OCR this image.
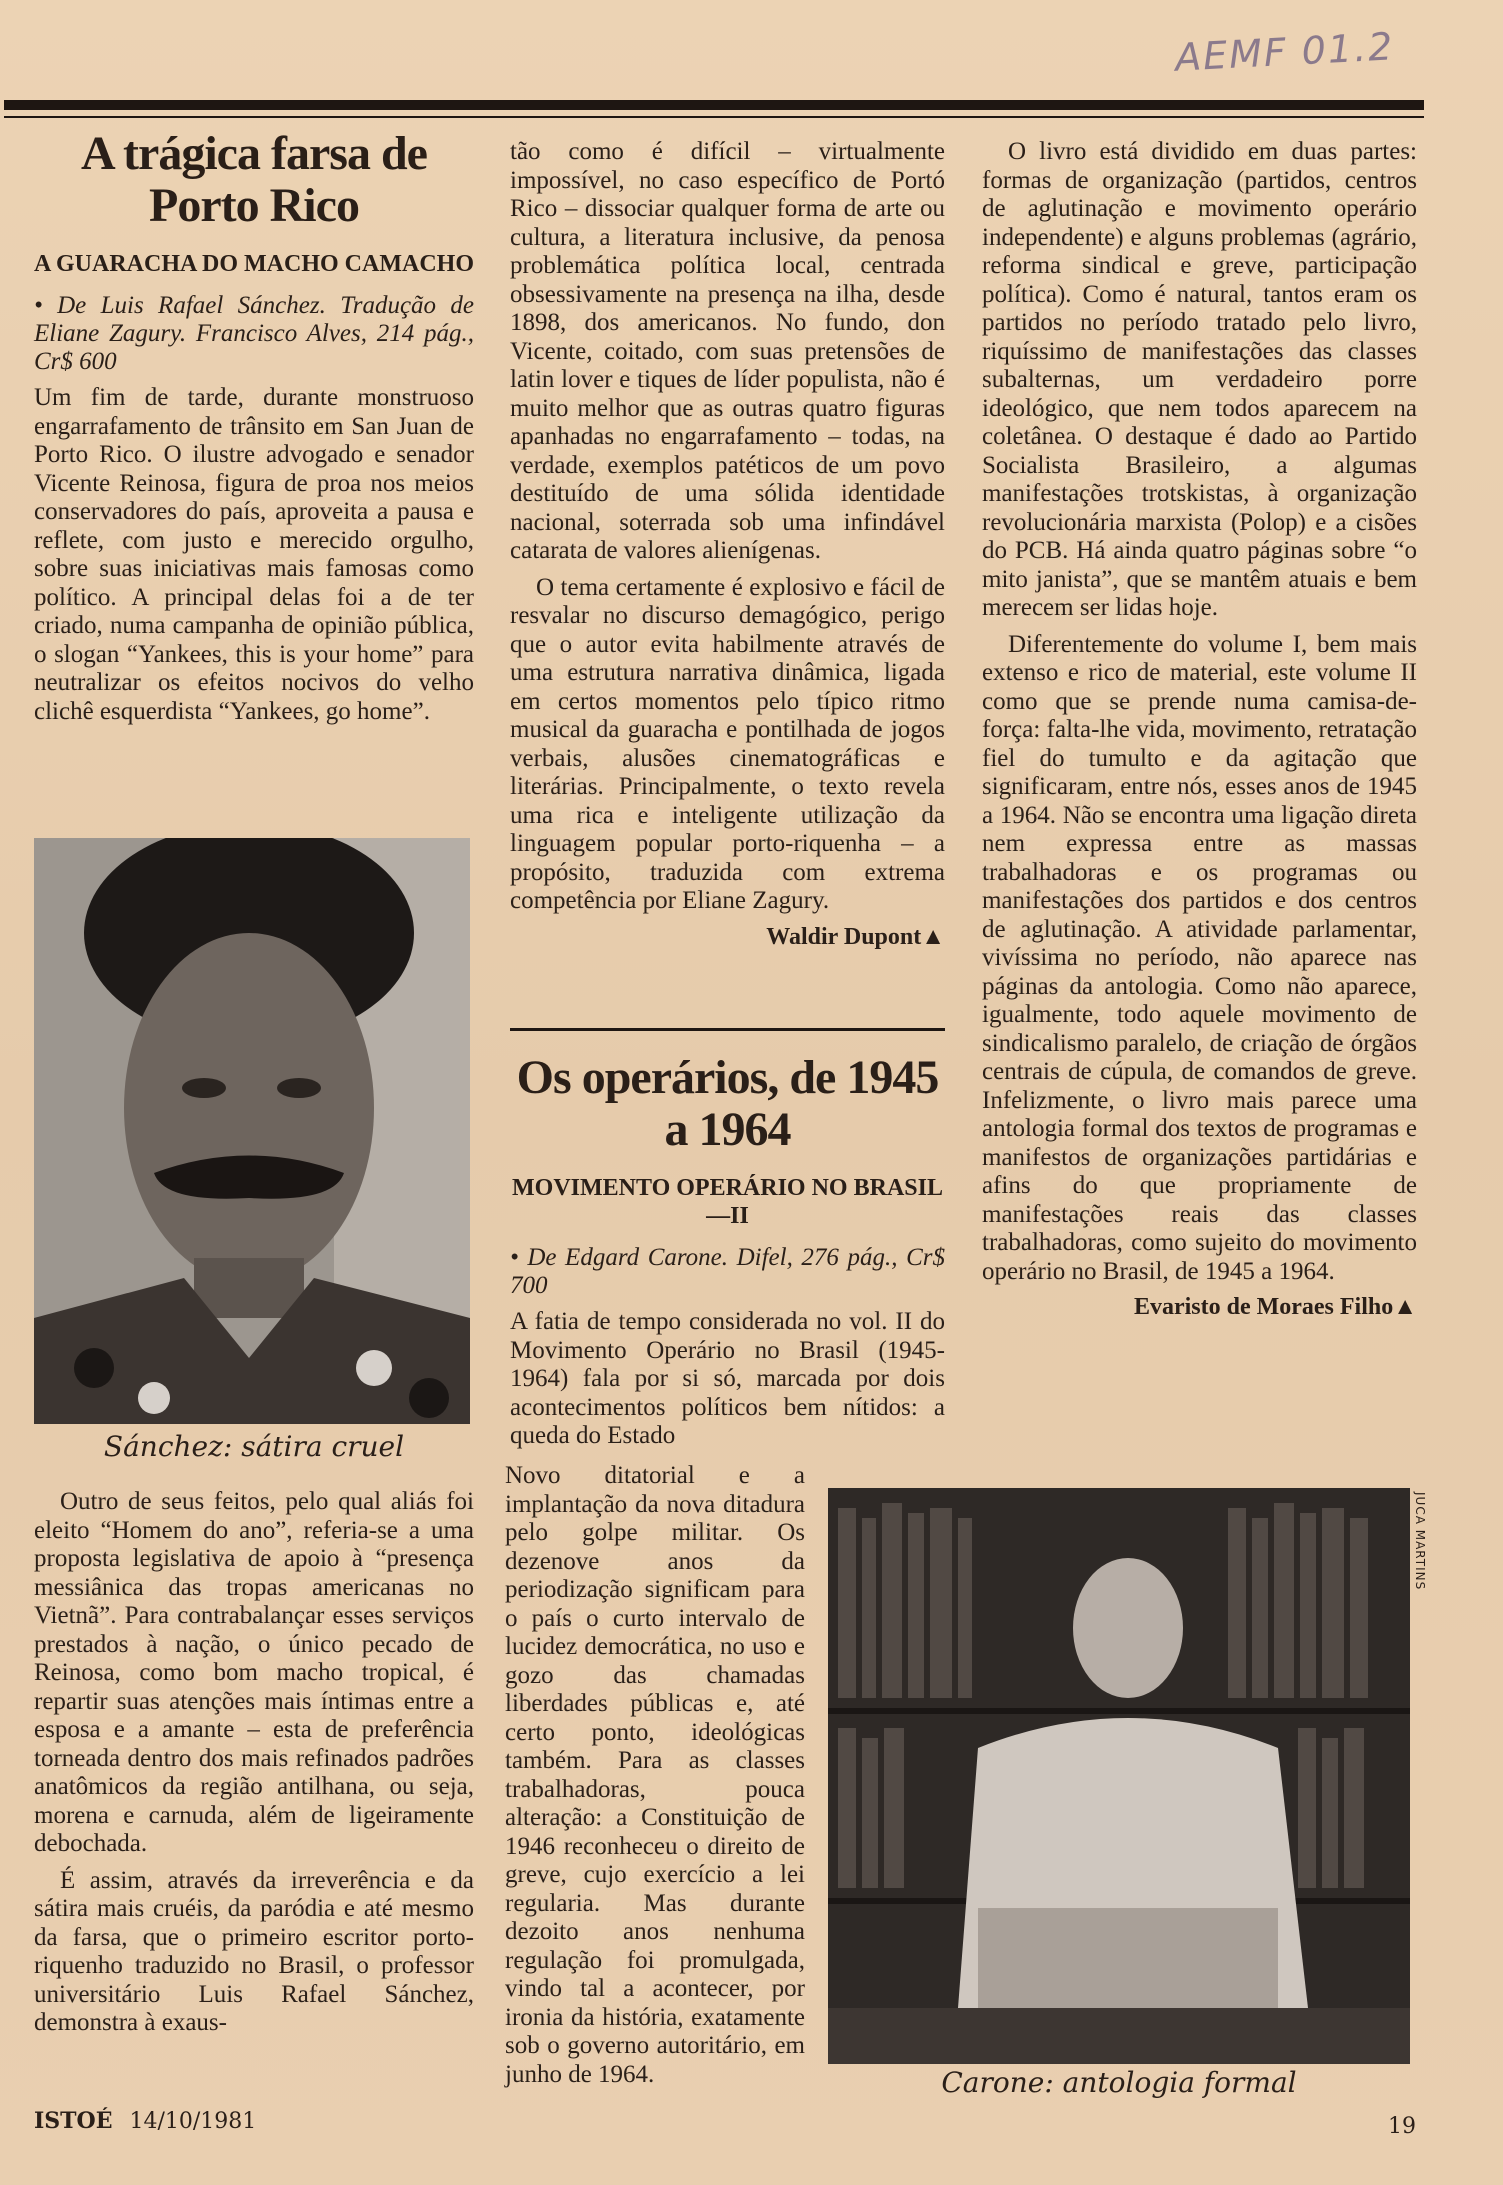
AEMF 01.2
A trágica farsa de Porto Rico
A GUARACHA DO MACHO CAMACHO
• De Luis Rafael Sánchez. Tradução de Eliane Zagury. Francisco Alves, 214 pág., Cr$ 600

Um fim de tarde, durante monstruoso engarrafamento de trânsito em San Juan de Porto Rico. O ilustre advogado e senador Vicente Reinosa, figura de proa nos meios conservadores do país, aproveita a pausa e reflete, com justo e merecido orgulho, sobre suas iniciativas mais famosas como político. A principal delas foi a de ter criado, numa campanha de opinião pública, o slogan “Yankees, this is your home” para neutralizar os efeitos nocivos do velho clichê esquerdista “Yankees, go home”.

Sánchez: sátira cruel

Outro de seus feitos, pelo qual aliás foi eleito “Homem do ano”, referia-se a uma proposta legislativa de apoio à “presença messiânica das tropas americanas no Vietnã”. Para contrabalançar esses serviços prestados à nação, o único pecado de Reinosa, como bom macho tropical, é repartir suas atenções mais íntimas entre a esposa e a amante – esta de preferência torneada dentro dos mais refinados padrões anatômicos da região antilhana, ou seja, morena e carnuda, além de ligeiramente debochada.

É assim, através da irreverência e da sátira mais cruéis, da paródia e até mesmo da farsa, que o primeiro escritor porto-riquenho traduzido no Brasil, o professor universitário Luis Rafael Sánchez, demonstra à exaus-

tão como é difícil – virtualmente impossível, no caso específico de Portó Rico – dissociar qualquer forma de arte ou cultura, a literatura inclusive, da penosa problemática política local, centrada obsessivamente na presença na ilha, desde 1898, dos americanos. No fundo, don Vicente, coitado, com suas pretensões de latin lover e tiques de líder populista, não é muito melhor que as outras quatro figuras apanhadas no engarrafamento – todas, na verdade, exemplos patéticos de um povo destituído de uma sólida identidade nacional, soterrada sob uma infindável catarata de valores alienígenas.

O tema certamente é explosivo e fácil de resvalar no discurso demagógico, perigo que o autor evita habilmente através de uma estrutura narrativa dinâmica, ligada em certos momentos pelo típico ritmo musical da guaracha e pontilhada de jogos verbais, alusões cinematográficas e literárias. Principalmente, o texto revela uma rica e inteligente utilização da linguagem popular porto-riquenha – a propósito, traduzida com extrema competência por Eliane Zagury.

Waldir Dupont▲
Os operários, de 1945 a 1964
MOVIMENTO OPERÁRIO NO BRASIL —II
• De Edgard Carone. Difel, 276 pág., Cr$ 700

A fatia de tempo considerada no vol. II do Movimento Operário no Brasil (1945-1964) fala por si só, marcada por dois acontecimentos políticos bem nítidos: a queda do Estado

Novo ditatorial e a implantação da nova ditadura pelo golpe militar. Os dezenove anos da periodização significam para o país o curto intervalo de lucidez democrática, no uso e gozo das chamadas liberdades públicas e, até certo ponto, ideológicas também. Para as classes trabalhadoras, pouca alteração: a Constituição de 1946 reconheceu o direito de greve, cujo exercício a lei regularia. Mas durante dezoito anos nenhuma regulação foi promulgada, vindo tal a acontecer, por ironia da história, exatamente sob o governo autoritário, em junho de 1964.

O livro está dividido em duas partes: formas de organização (partidos, centros de aglutinação e movimento operário independente) e alguns problemas (agrário, reforma sindical e greve, participação política). Como é natural, tantos eram os partidos no período tratado pelo livro, riquíssimo de manifestações das classes subalternas, um verdadeiro porre ideológico, que nem todos aparecem na coletânea. O destaque é dado ao Partido Socialista Brasileiro, a algumas manifestações trotskistas, à organização revolucionária marxista (Polop) e a cisões do PCB. Há ainda quatro páginas sobre “o mito janista”, que se mantêm atuais e bem merecem ser lidas hoje.

Diferentemente do volume I, bem mais extenso e rico de material, este volume II como que se prende numa camisa-de-força: falta-lhe vida, movimento, retratação fiel do tumulto e da agitação que significaram, entre nós, esses anos de 1945 a 1964. Não se encontra uma ligação direta nem expressa entre as massas trabalhadoras e os programas ou manifestações dos partidos e dos centros de aglutinação. A atividade parlamentar, vivíssima no período, não aparece nas páginas da antologia. Como não aparece, igualmente, todo aquele movimento de sindicalismo paralelo, de criação de órgãos centrais de cúpula, de comandos de greve. Infelizmente, o livro mais parece uma antologia formal dos textos de programas e manifestos de organizações partidárias e afins do que propriamente de manifestações reais das classes trabalhadoras, como sujeito do movimento operário no Brasil, de 1945 a 1964.

Evaristo de Moraes Filho▲
JUCA MARTINS
Carone: antologia formal
ISTOÉ 14/10/1981	19
